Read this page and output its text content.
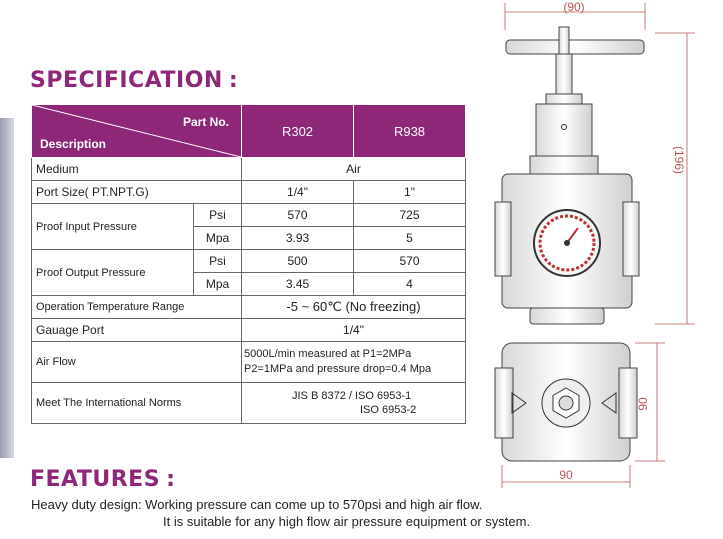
SPECIFICATION :
Part No.
Description		R302	R938
Medium		Air	
Port Size( PT.NPT.G)		1/4"	1"
Proof Input Pressure	Psi	570	725
	Mpa	3.93	5
Proof Output Pressure	Psi	500	570
	Mpa	3.45	4
Operation Temperature Range		-5 ~ 60℃ (No freezing)	
Gauage Port		1/4"	
Air Flow		5000L/min measured at P1=2MPa
P2=1MPa and pressure drop=0.4 Mpa	

Meet The International Norms		JIS B 8372 / ISO 6953-1
ISO 6953-2	
FEATURES :
Heavy duty design: Working pressure can come up to 570psi and high air flow.
It is suitable for any high flow air pressure equipment or system.
(90)
(196)
90
90
